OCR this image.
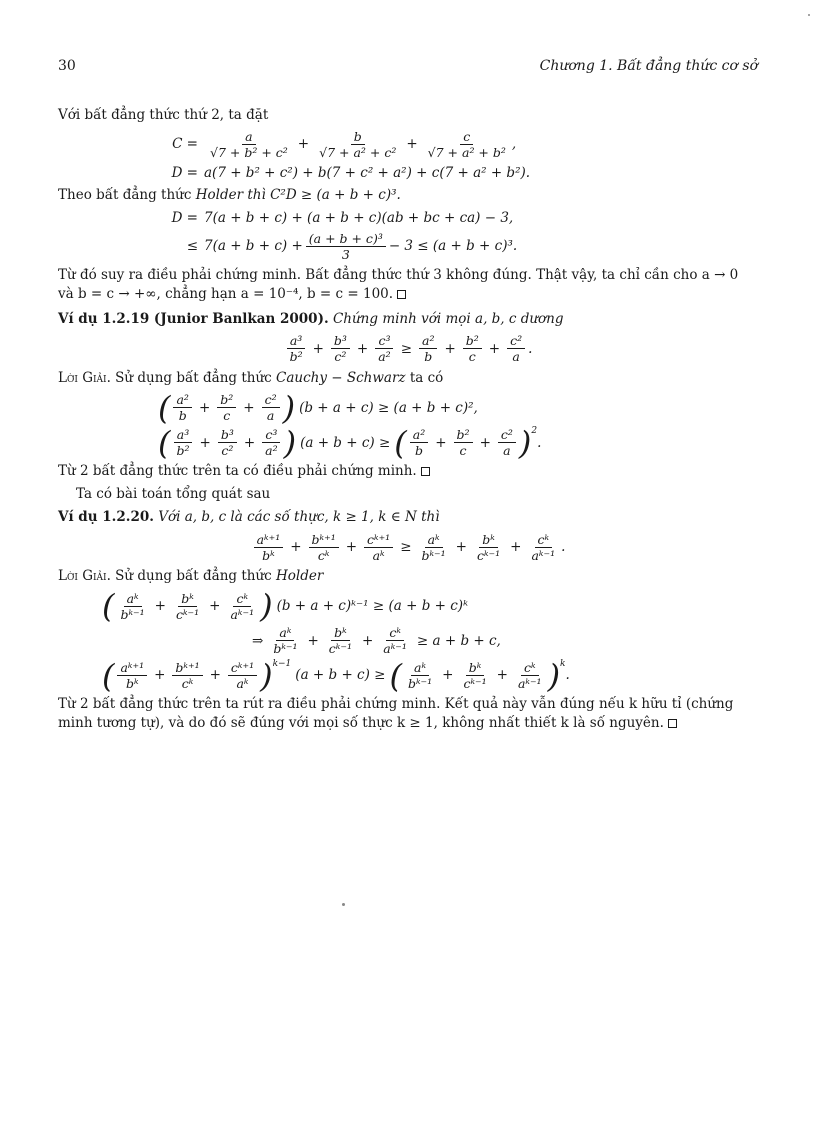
30	Chương 1. Bất đẳng thức cơ sở

Với bất đẳng thức thứ 2, ta đặt

$C = \frac{a}{\text{√7 + b² + c²}} + \frac{b}{\text{√7 + a² + c²}} + \frac{c}{\text{√7 + a² + b²}}$ ,
D = a(7 + b² + c²) + b(7 + c² + a²) + c(7 + a² + b²).

Theo bất đẳng thức Holder thì C²D ≥ (a + b + c)³.

D = 7(a + b + c) + (a + b + c)(ab + bc + ca) − 3,
≤ $7(a + b + c) + \frac{\text{(a + b + c)³}}{3} - 3 \le (a + b + c)^3$.

Từ đó suy ra điều phải chứng minh. Bất đẳng thức thứ 3 không đúng. Thật vậy, ta chỉ cần cho a → 0 và b = c → +∞, chẳng hạn a = 10⁻⁴, b = c = 100.

Ví dụ 1.2.19 (Junior Banlkan 2000). Chứng minh với mọi a, b, c dương

$\frac{\text{a³}}{\text{b²}} + \frac{\text{b³}}{\text{c²}} + \frac{\text{c³}}{\text{a²}} \ge \frac{\text{a²}}{b} + \frac{\text{b²}}{c} + \frac{\text{c²}}{a}$ .

Lời Giải. Sử dụng bất đẳng thức Cauchy − Schwarz ta có

( $\frac{\text{a²}}{b} + \frac{\text{b²}}{c} + \frac{\text{c²}}{a}$ ) (b + a + c) ≥ (a + b + c)²,
( $\frac{\text{a³}}{\text{b²}} + \frac{\text{b³}}{\text{c²}} + \frac{\text{c³}}{\text{a²}}$ ) (a + b + c) ≥ ( $\frac{\text{a²}}{b} + \frac{\text{b²}}{c} + \frac{\text{c²}}{a} )^2$
.

Từ 2 bất đẳng thức trên ta có điều phải chứng minh.

Ta có bài toán tổng quát sau

Ví dụ 1.2.20. Với a, b, c là các số thực, k ≥ 1, k ∈ N thì

$\frac{\text{aᵏ⁺¹}}{\text{bᵏ}} + \frac{\text{bᵏ⁺¹}}{\text{cᵏ}} + \frac{\text{cᵏ⁺¹}}{\text{aᵏ}} \ge \frac{\text{aᵏ}}{\text{bᵏ⁻¹}} + \frac{\text{bᵏ}}{\text{cᵏ⁻¹}} + \frac{\text{cᵏ}}{\text{aᵏ⁻¹}}$ .

Lời Giải. Sử dụng bất đẳng thức Holder

( $\frac{\text{aᵏ}}{\text{bᵏ⁻¹}} + \frac{\text{bᵏ}}{\text{cᵏ⁻¹}} + \frac{\text{cᵏ}}{\text{aᵏ⁻¹}}$ ) (b + a + c)ᵏ⁻¹ ≥ (a + b + c)ᵏ
⇒ $\frac{\text{aᵏ}}{\text{bᵏ⁻¹}} + \frac{\text{bᵏ}}{\text{cᵏ⁻¹}} + \frac{\text{cᵏ}}{\text{aᵏ⁻¹}} \ge a + b + c$,
( $\frac{\text{aᵏ⁺¹}}{\text{bᵏ}} + \frac{\text{bᵏ⁺¹}}{\text{cᵏ}} + \frac{\text{cᵏ⁺¹}}{\text{aᵏ}} )^{k-1}$
(a + b + c) ≥ ( $\frac{\text{aᵏ}}{\text{bᵏ⁻¹}} + \frac{\text{bᵏ}}{\text{cᵏ⁻¹}} + \frac{\text{cᵏ}}{\text{aᵏ⁻¹}} )^k$
.

Từ 2 bất đẳng thức trên ta rút ra điều phải chứng minh. Kết quả này vẫn đúng nếu k hữu tỉ (chứng minh tương tự), và do đó sẽ đúng với mọi số thực k ≥ 1, không nhất thiết k là số nguyên.
